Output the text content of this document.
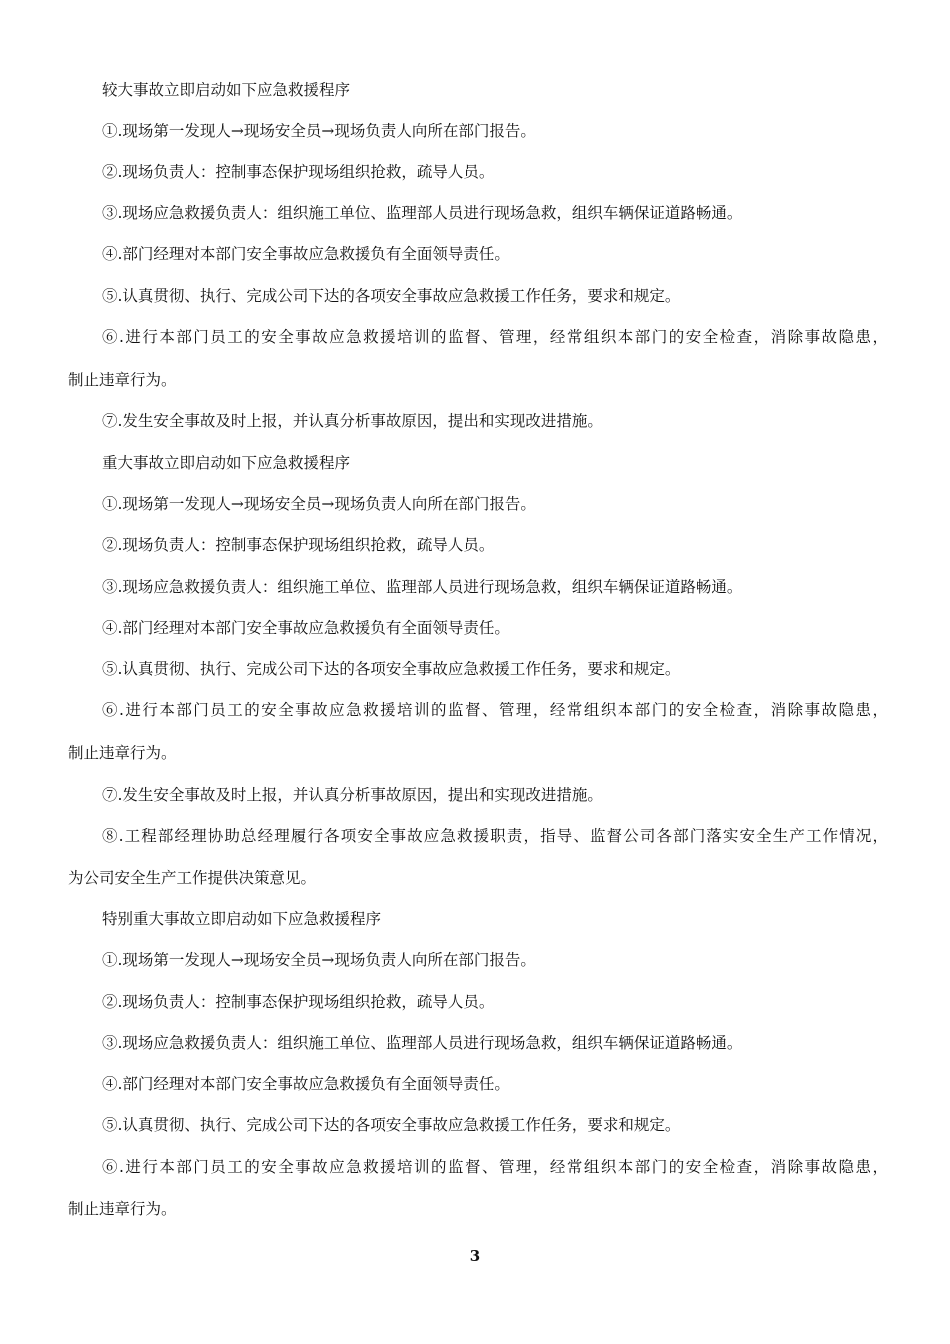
较大事故立即启动如下应急救援程序
①.现场第一发现人→现场安全员→现场负责人向所在部门报告。
②.现场负责人：控制事态保护现场组织抢救，疏导人员。
③.现场应急救援负责人：组织施工单位、监理部人员进行现场急救，组织车辆保证道路畅通。
④.部门经理对本部门安全事故应急救援负有全面领导责任。
⑤.认真贯彻、执行、完成公司下达的各项安全事故应急救援工作任务，要求和规定。
⑥.进行本部门员工的安全事故应急救援培训的监督、管理，经常组织本部门的安全检查，消除事故隐患，
制止违章行为。
⑦.发生安全事故及时上报，并认真分析事故原因，提出和实现改进措施。
重大事故立即启动如下应急救援程序
①.现场第一发现人→现场安全员→现场负责人向所在部门报告。
②.现场负责人：控制事态保护现场组织抢救，疏导人员。
③.现场应急救援负责人：组织施工单位、监理部人员进行现场急救，组织车辆保证道路畅通。
④.部门经理对本部门安全事故应急救援负有全面领导责任。
⑤.认真贯彻、执行、完成公司下达的各项安全事故应急救援工作任务，要求和规定。
⑥.进行本部门员工的安全事故应急救援培训的监督、管理，经常组织本部门的安全检查，消除事故隐患，
制止违章行为。
⑦.发生安全事故及时上报，并认真分析事故原因，提出和实现改进措施。
⑧.工程部经理协助总经理履行各项安全事故应急救援职责，指导、监督公司各部门落实安全生产工作情况，
为公司安全生产工作提供决策意见。
特别重大事故立即启动如下应急救援程序
①.现场第一发现人→现场安全员→现场负责人向所在部门报告。
②.现场负责人：控制事态保护现场组织抢救，疏导人员。
③.现场应急救援负责人：组织施工单位、监理部人员进行现场急救，组织车辆保证道路畅通。
④.部门经理对本部门安全事故应急救援负有全面领导责任。
⑤.认真贯彻、执行、完成公司下达的各项安全事故应急救援工作任务，要求和规定。
⑥.进行本部门员工的安全事故应急救援培训的监督、管理，经常组织本部门的安全检查，消除事故隐患，
制止违章行为。
3
